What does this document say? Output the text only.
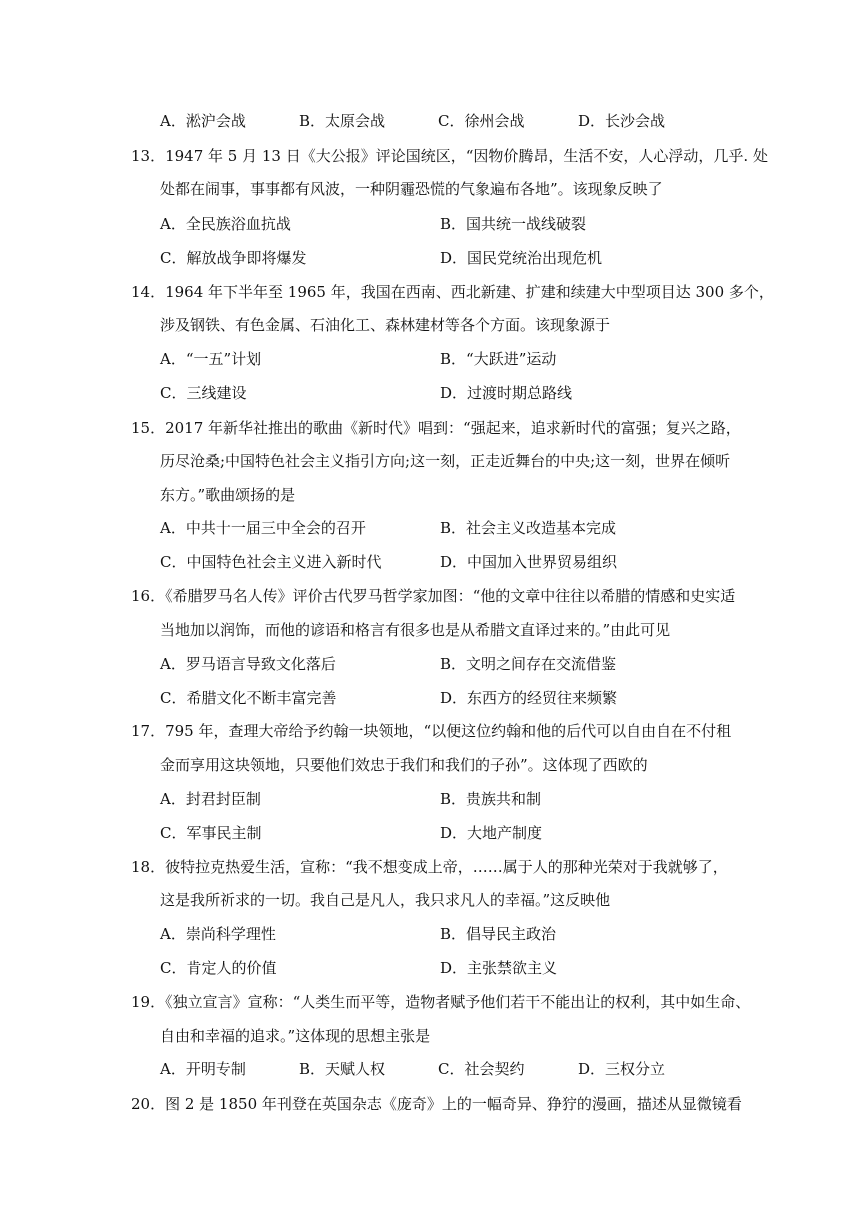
A．淞沪会战	B．太原会战	C．徐州会战	D．长沙会战
13．1947 年 5 月 13 日《大公报》评论国统区，“因物价腾昂，生活不安，人心浮动，几乎. 处
处都在闹事，事事都有风波，一种阴霾恐慌的气象遍布各地”。该现象反映了
A．全民族浴血抗战	B．国共统一战线破裂
C．解放战争即将爆发	D．国民党统治出现危机
14．1964 年下半年至 1965 年，我国在西南、西北新建、扩建和续建大中型项目达 300 多个，
涉及钢铁、有色金属、石油化工、森林建材等各个方面。该现象源于
A．“一五”计划	B．“大跃进”运动
C．三线建设	D．过渡时期总路线
15．2017 年新华社推出的歌曲《新时代》唱到：“强起来，追求新时代的富强；复兴之路，
历尽沧桑;中国特色社会主义指引方向;这一刻，正走近舞台的中央;这一刻，世界在倾听
东方。”歌曲颂扬的是
A．中共十一届三中全会的召开	B．社会主义改造基本完成
C．中国特色社会主义进入新时代	D．中国加入世界贸易组织
16．《希腊罗马名人传》评价古代罗马哲学家加图：“他的文章中往往以希腊的情感和史实适
当地加以润饰，而他的谚语和格言有很多也是从希腊文直译过来的。”由此可见
A．罗马语言导致文化落后	B．文明之间存在交流借鉴
C．希腊文化不断丰富完善	D．东西方的经贸往来频繁
17．795 年，查理大帝给予约翰一块领地，“以便这位约翰和他的后代可以自由自在不付租
金而享用这块领地，只要他们效忠于我们和我们的子孙”。这体现了西欧的
A．封君封臣制	B．贵族共和制
C．军事民主制	D．大地产制度
18．彼特拉克热爱生活，宣称：“我不想变成上帝，……属于人的那种光荣对于我就够了，
这是我所祈求的一切。我自己是凡人，我只求凡人的幸福。”这反映他
A．崇尚科学理性	B．倡导民主政治
C．肯定人的价值	D．主张禁欲主义
19．《独立宣言》宣称：“人类生而平等，造物者赋予他们若干不能出让的权利，其中如生命、
自由和幸福的追求。”这体现的思想主张是
A．开明专制	B．天赋人权	C．社会契约	D．三权分立
20．图 2 是 1850 年刊登在英国杂志《庞奇》上的一幅奇异、狰狞的漫画，描述从显微镜看
